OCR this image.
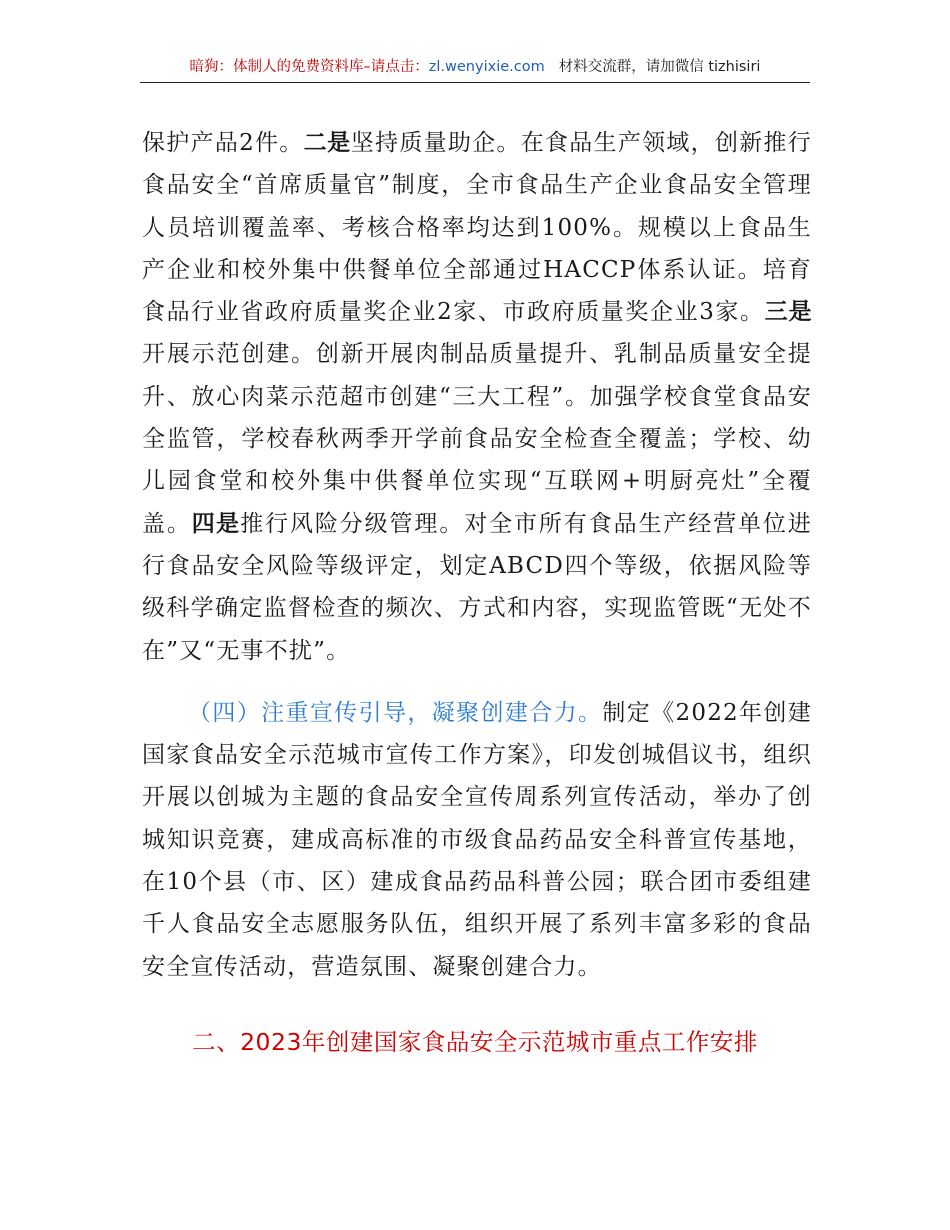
暗狗：体制人的免费资料库–请点击：zl.wenyixie.com 材料交流群，请加微信 tizhisiri

保护产品2件。二是坚持质量助企。在食品生产领域，创新推行食品安全“首席质量官”制度，全市食品生产企业食品安全管理人员培训覆盖率、考核合格率均达到100%。规模以上食品生产企业和校外集中供餐单位全部通过HACCP体系认证。培育食品行业省政府质量奖企业2家、市政府质量奖企业3家。三是开展示范创建。创新开展肉制品质量提升、乳制品质量安全提升、放心肉菜示范超市创建“三大工程”。加强学校食堂食品安全监管，学校春秋两季开学前食品安全检查全覆盖；学校、幼儿园食堂和校外集中供餐单位实现“互联网+明厨亮灶”全覆盖。四是推行风险分级管理。对全市所有食品生产经营单位进行食品安全风险等级评定，划定ABCD四个等级，依据风险等级科学确定监督检查的频次、方式和内容，实现监管既“无处不在”又“无事不扰”。

（四）注重宣传引导，凝聚创建合力。制定《2022年创建国家食品安全示范城市宣传工作方案》，印发创城倡议书，组织开展以创城为主题的食品安全宣传周系列宣传活动，举办了创城知识竞赛，建成高标准的市级食品药品安全科普宣传基地，在10个县（市、区）建成食品药品科普公园；联合团市委组建千人食品安全志愿服务队伍，组织开展了系列丰富多彩的食品安全宣传活动，营造氛围、凝聚创建合力。

二、2023年创建国家食品安全示范城市重点工作安排
